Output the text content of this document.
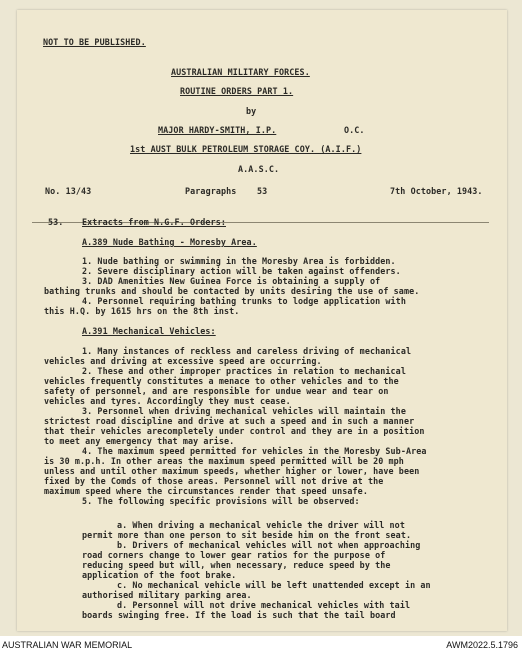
NOT TO BE PUBLISHED.
AUSTRALIAN MILITARY FORCES.
ROUTINE ORDERS PART 1.
by
MAJOR HARDY-SMITH, I.P.	O.C.
1st AUST BULK PETROLEUM STORAGE COY. (A.I.F.)
A.A.S.C.
No. 13/43	Paragraphs 53	7th October, 1943.
53. Extracts from N.G.F. Orders:
A.389 Nude Bathing - Moresby Area.
1. Nude bathing or swimming in the Moresby Area is forbidden.
2. Severe disciplinary action will be taken against offenders.
3. DAD Amenities New Guinea Force is obtaining a supply of
bathing trunks and should be contacted by units desiring the use of same.
4. Personnel requiring bathing trunks to lodge application with
this H.Q. by 1615 hrs on the 8th inst.
A.391 Mechanical Vehicles:
1. Many instances of reckless and careless driving of mechanical
vehicles and driving at excessive speed are occurring.
2. These and other improper practices in relation to mechanical
vehicles frequently constitutes a menace to other vehicles and to the
safety of personnel, and are responsible for undue wear and tear on
vehicles and tyres. Accordingly they must cease.
3. Personnel when driving mechanical vehicles will maintain the
strictest road discipline and drive at such a speed and in such a manner
that their vehicles arecompletely under control and they are in a position
to meet any emergency that may arise.
4. The maximum speed permitted for vehicles in the Moresby Sub-Area
is 30 m.p.h. In other areas the maximum speed permitted will be 20 mph
unless and until other maximum speeds, whether higher or lower, have been
fixed by the Comds of those areas. Personnel will not drive at the
maximum speed where the circumstances render that speed unsafe.
5. The following specific provisions will be observed:
a. When driving a mechanical vehicle the driver will not
permit more than one person to sit beside him on the front seat.
b. Drivers of mechanical vehicles will not when approaching
road corners change to lower gear ratios for the purpose of
reducing speed but will, when necessary, reduce speed by the
application of the foot brake.
c. No mechanical vehicle will be left unattended except in an
authorised military parking area.
d. Personnel will not drive mechanical vehicles with tail
boards swinging free. If the load is such that the tail board
AUSTRALIAN WAR MEMORIAL	AWM2022.5.1796
